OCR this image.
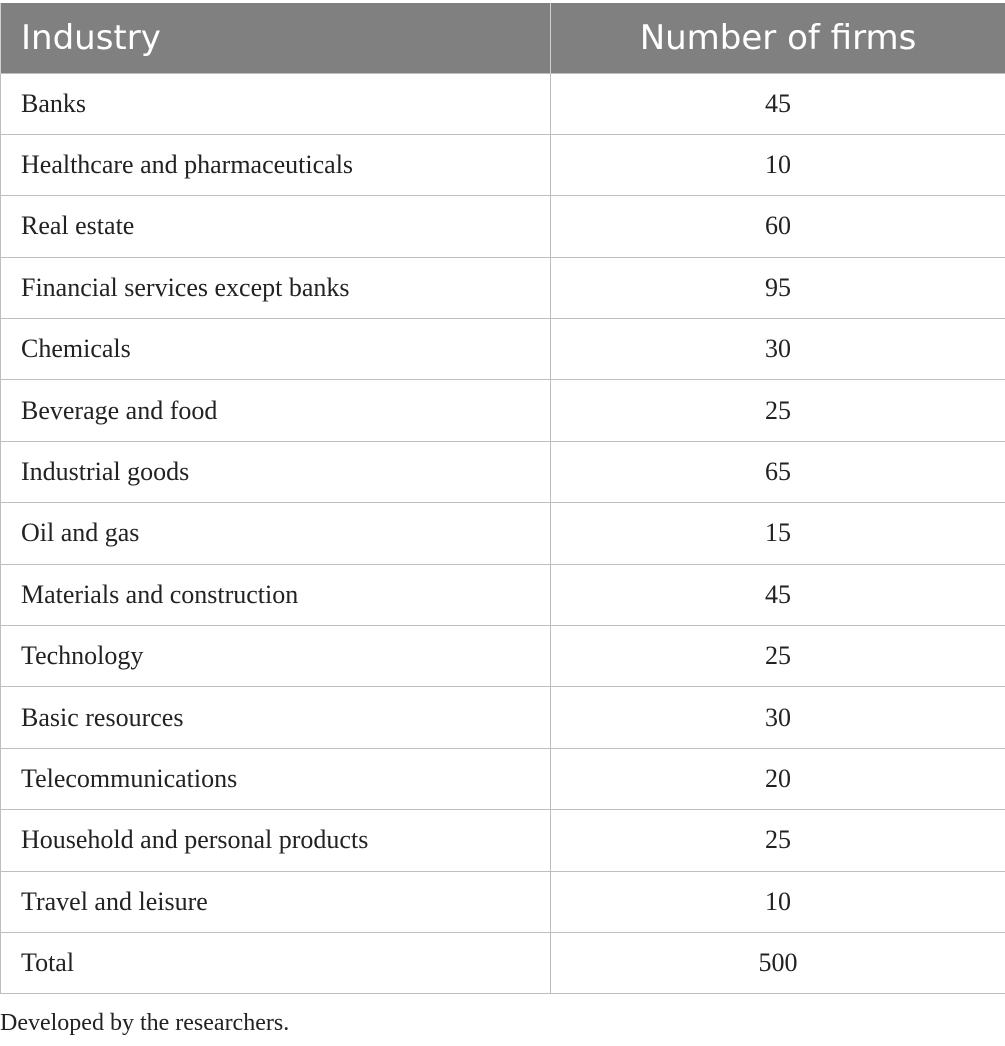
Industry	Number of firms
Banks	45
Healthcare and pharmaceuticals	10
Real estate	60
Financial services except banks	95
Chemicals	30
Beverage and food	25
Industrial goods	65
Oil and gas	15
Materials and construction	45
Technology	25
Basic resources	30
Telecommunications	20
Household and personal products	25
Travel and leisure	10
Total	500
Developed by the researchers.
